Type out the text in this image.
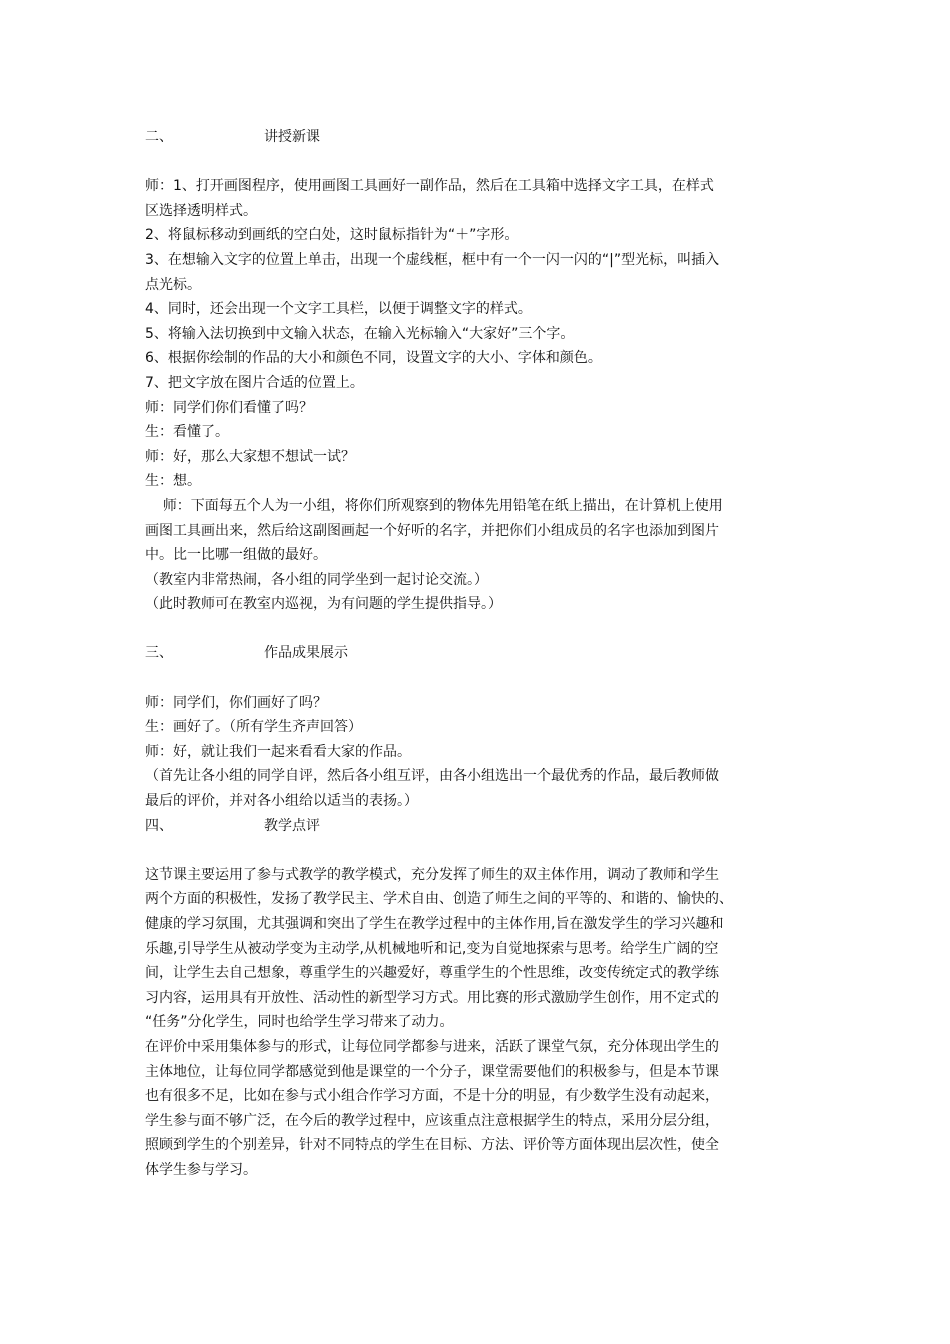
二、	讲授新课

师：1、打开画图程序，使用画图工具画好一副作品，然后在工具箱中选择文字工具，在样式

区选择透明样式。

2、将鼠标移动到画纸的空白处，这时鼠标指针为“＋”字形。

3、在想输入文字的位置上单击，出现一个虚线框，框中有一个一闪一闪的“|”型光标，叫插入

点光标。

4、同时，还会出现一个文字工具栏，以便于调整文字的样式。

5、将输入法切换到中文输入状态，在输入光标输入“大家好”三个字。

6、根据你绘制的作品的大小和颜色不同，设置文字的大小、字体和颜色。

7、把文字放在图片合适的位置上。

师：同学们你们看懂了吗？

生：看懂了。

师：好，那么大家想不想试一试？

生：想。

师：下面每五个人为一小组，将你们所观察到的物体先用铅笔在纸上描出，在计算机上使用

画图工具画出来，然后给这副图画起一个好听的名字，并把你们小组成员的名字也添加到图片

中。比一比哪一组做的最好。

（教室内非常热闹，各小组的同学坐到一起讨论交流。）

（此时教师可在教室内巡视，为有问题的学生提供指导。）

三、	作品成果展示

师：同学们，你们画好了吗？

生：画好了。（所有学生齐声回答）

师：好，就让我们一起来看看大家的作品。

（首先让各小组的同学自评，然后各小组互评，由各小组选出一个最优秀的作品，最后教师做

最后的评价，并对各小组给以适当的表扬。）

四、	教学点评

这节课主要运用了参与式教学的教学模式，充分发挥了师生的双主体作用，调动了教师和学生

两个方面的积极性，发扬了教学民主、学术自由、创造了师生之间的平等的、和谐的、愉快的、

健康的学习氛围，尤其强调和突出了学生在教学过程中的主体作用,旨在激发学生的学习兴趣和

乐趣,引导学生从被动学变为主动学,从机械地听和记,变为自觉地探索与思考。给学生广阔的空

间，让学生去自己想象，尊重学生的兴趣爱好，尊重学生的个性思维，改变传统定式的教学练

习内容，运用具有开放性、活动性的新型学习方式。用比赛的形式激励学生创作，用不定式的

“任务”分化学生，同时也给学生学习带来了动力。

在评价中采用集体参与的形式，让每位同学都参与进来，活跃了课堂气氛，充分体现出学生的

主体地位，让每位同学都感觉到他是课堂的一个分子，课堂需要他们的积极参与，但是本节课

也有很多不足，比如在参与式小组合作学习方面，不是十分的明显，有少数学生没有动起来，

学生参与面不够广泛，在今后的教学过程中，应该重点注意根据学生的特点，采用分层分组，

照顾到学生的个别差异，针对不同特点的学生在目标、方法、评价等方面体现出层次性，使全

体学生参与学习。
